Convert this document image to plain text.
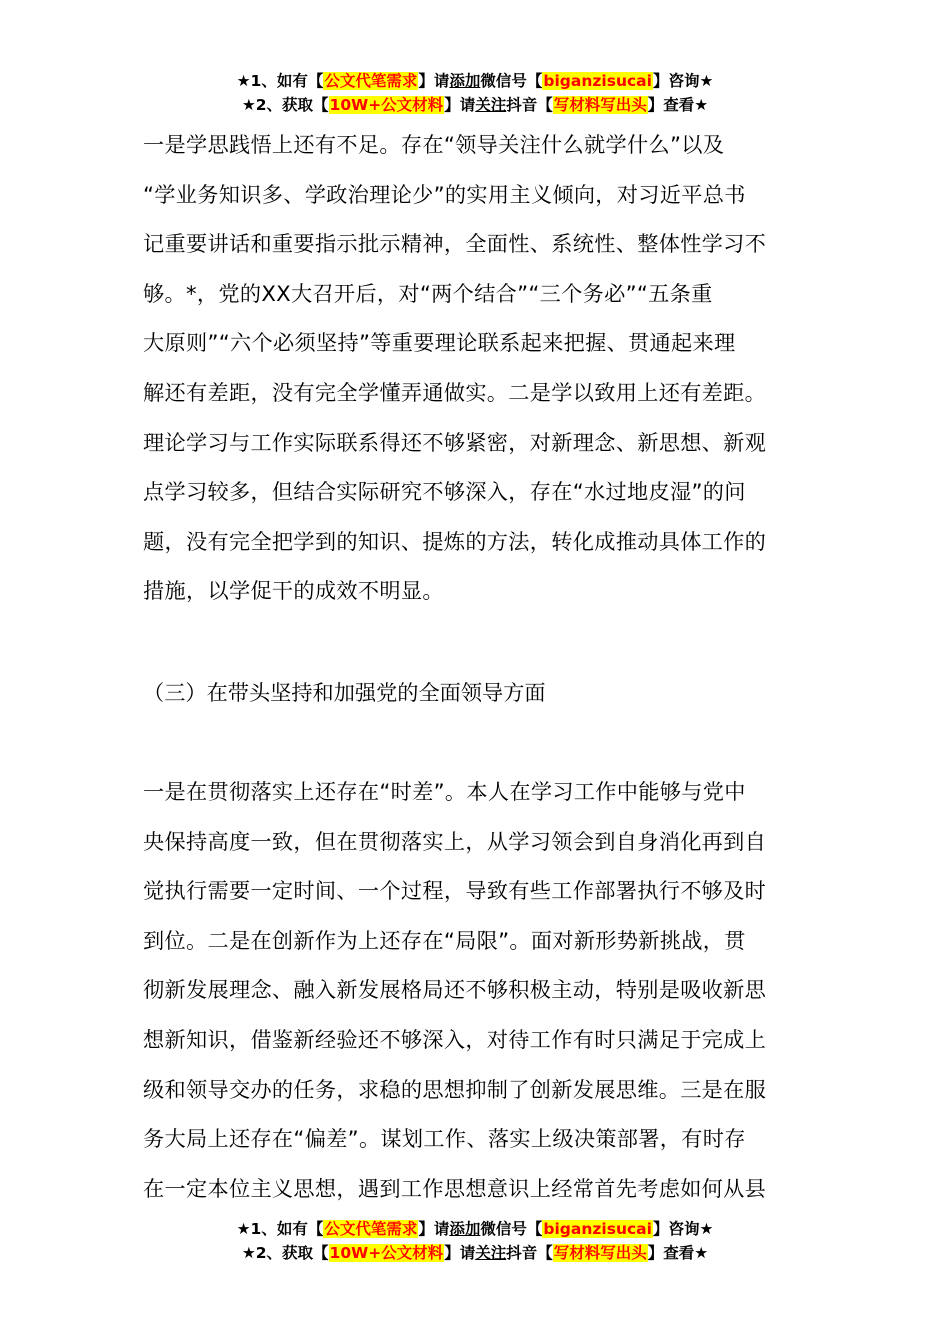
★1、如有【公文代笔需求】请添加微信号【biganzisucai】咨询★
★2、获取【10W+公文材料】请关注抖音【写材料写出头】查看★
一是学思践悟上还有不足。存在“领导关注什么就学什么”以及
“学业务知识多、学政治理论少”的实用主义倾向，对习近平总书
记重要讲话和重要指示批示精神，全面性、系统性、整体性学习不
够。*，党的XX大召开后，对“两个结合”“三个务必”“五条重
大原则”“六个必须坚持”等重要理论联系起来把握、贯通起来理
解还有差距，没有完全学懂弄通做实。二是学以致用上还有差距。
理论学习与工作实际联系得还不够紧密，对新理念、新思想、新观
点学习较多，但结合实际研究不够深入，存在“水过地皮湿”的问
题，没有完全把学到的知识、提炼的方法，转化成推动具体工作的
措施，以学促干的成效不明显。
（三）在带头坚持和加强党的全面领导方面
一是在贯彻落实上还存在“时差”。本人在学习工作中能够与党中
央保持高度一致，但在贯彻落实上，从学习领会到自身消化再到自
觉执行需要一定时间、一个过程，导致有些工作部署执行不够及时
到位。二是在创新作为上还存在“局限”。面对新形势新挑战，贯
彻新发展理念、融入新发展格局还不够积极主动，特别是吸收新思
想新知识，借鉴新经验还不够深入，对待工作有时只满足于完成上
级和领导交办的任务，求稳的思想抑制了创新发展思维。三是在服
务大局上还存在“偏差”。谋划工作、落实上级决策部署，有时存
在一定本位主义思想，遇到工作思想意识上经常首先考虑如何从县
★1、如有【公文代笔需求】请添加微信号【biganzisucai】咨询★
★2、获取【10W+公文材料】请关注抖音【写材料写出头】查看★
